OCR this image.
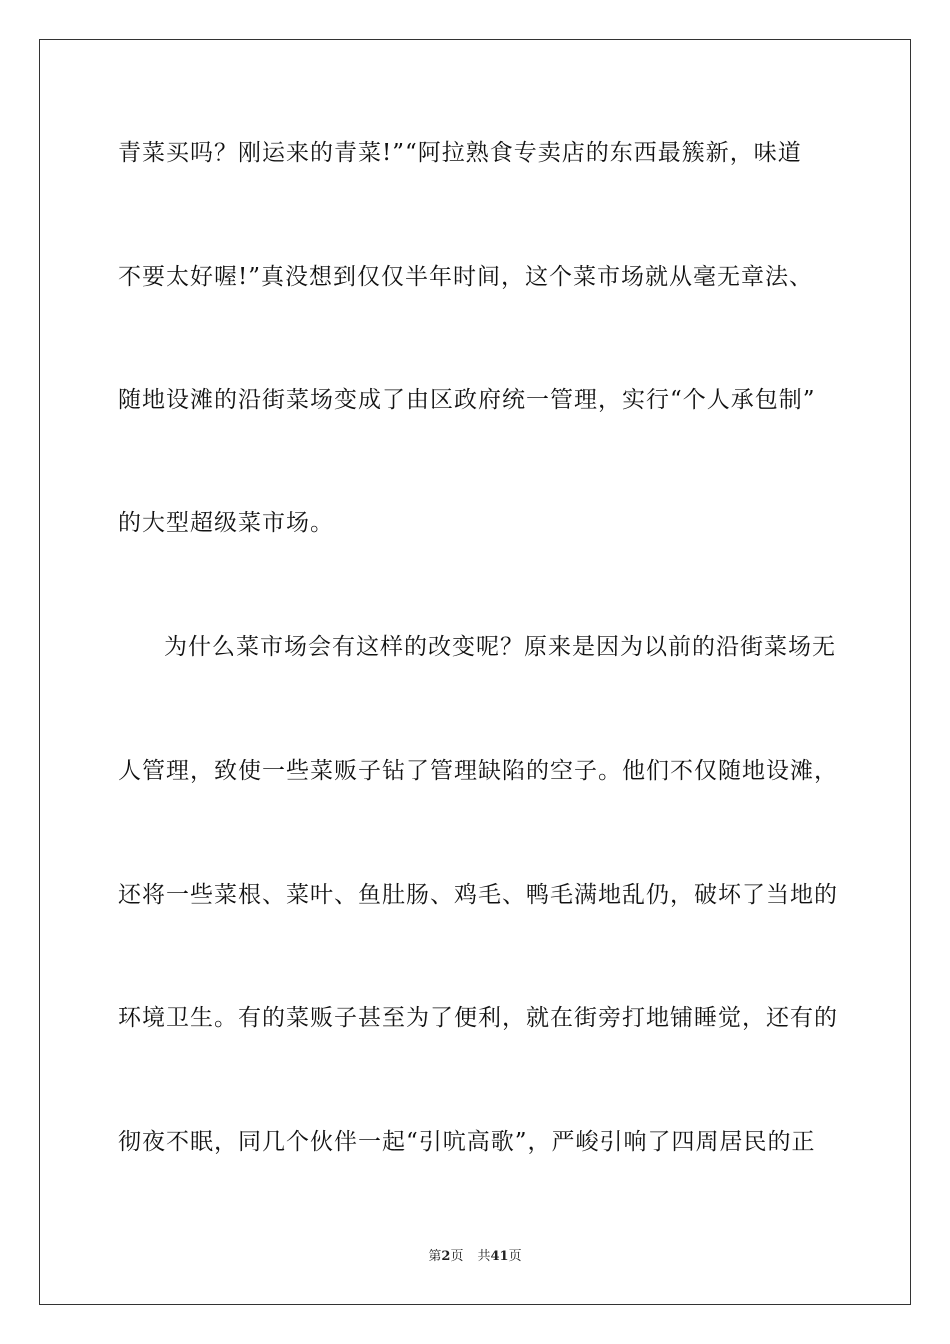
青菜买吗？刚运来的青菜!”“阿拉熟食专卖店的东西最簇新，味道
不要太好喔!”真没想到仅仅半年时间，这个菜市场就从毫无章法、
随地设滩的沿街菜场变成了由区政府统一管理，实行“个人承包制”
的大型超级菜市场。
为什么菜市场会有这样的改变呢？原来是因为以前的沿街菜场无
人管理，致使一些菜贩子钻了管理缺陷的空子。他们不仅随地设滩，
还将一些菜根、菜叶、鱼肚肠、鸡毛、鸭毛满地乱仍，破坏了当地的
环境卫生。有的菜贩子甚至为了便利，就在街旁打地铺睡觉，还有的
彻夜不眠，同几个伙伴一起“引吭高歌”，严峻引响了四周居民的正
第2页 共41页
